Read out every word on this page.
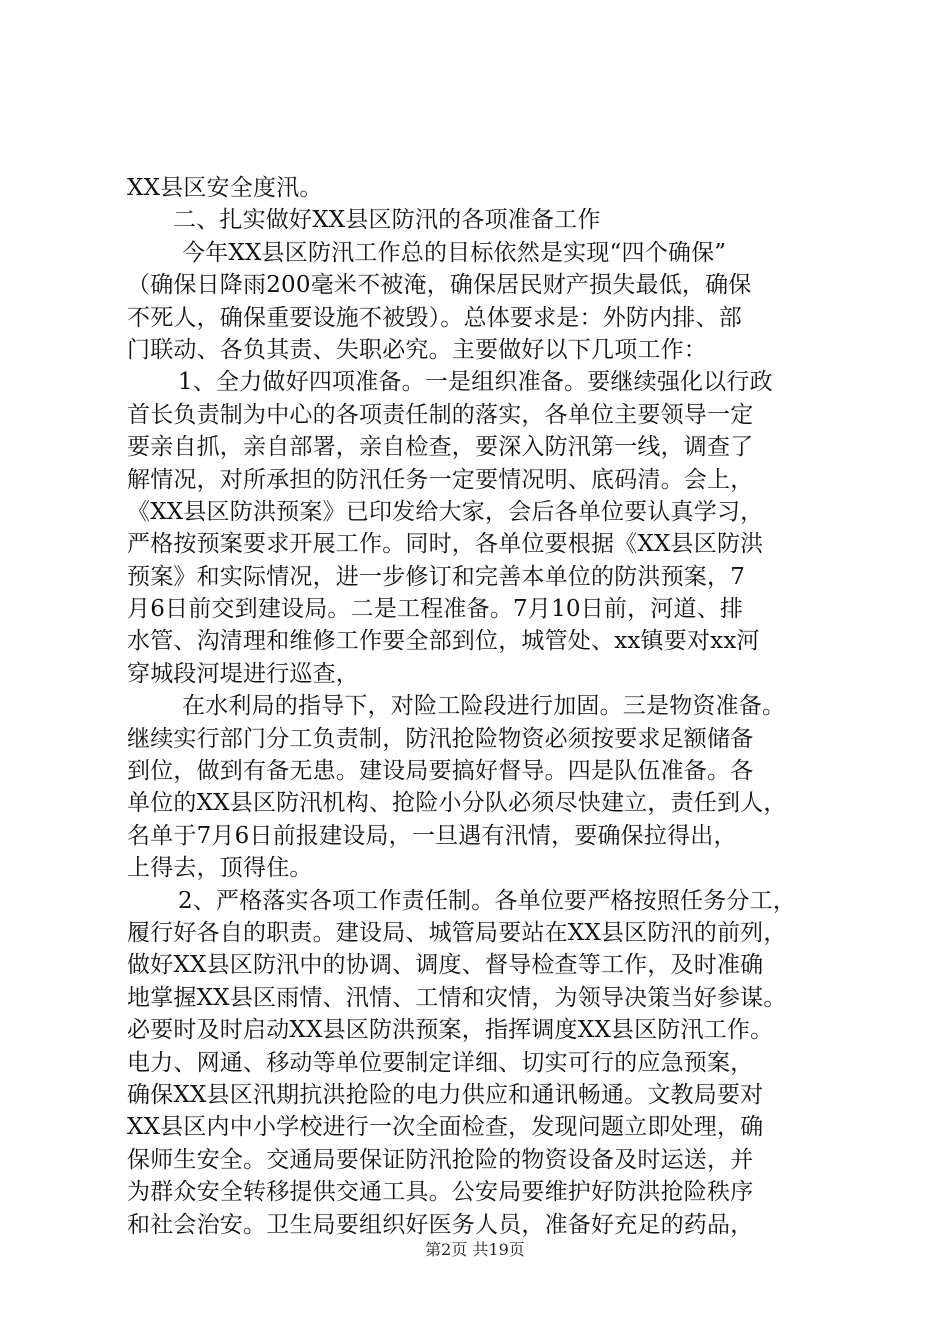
XX县区安全度汛。
二、扎实做好XX县区防汛的各项准备工作
今年XX县区防汛工作总的目标依然是实现“四个确保”
（确保日降雨200毫米不被淹，确保居民财产损失最低，确保
不死人，确保重要设施不被毁）。总体要求是：外防内排、部
门联动、各负其责、失职必究。主要做好以下几项工作：
1、全力做好四项准备。一是组织准备。要继续强化以行政
首长负责制为中心的各项责任制的落实，各单位主要领导一定
要亲自抓，亲自部署，亲自检查，要深入防汛第一线，调查了
解情况，对所承担的防汛任务一定要情况明、底码清。会上，
《XX县区防洪预案》已印发给大家，会后各单位要认真学习，
严格按预案要求开展工作。同时，各单位要根据《XX县区防洪
预案》和实际情况，进一步修订和完善本单位的防洪预案，7
月6日前交到建设局。二是工程准备。7月10日前，河道、排
水管、沟清理和维修工作要全部到位，城管处、xx镇要对xx河
穿城段河堤进行巡查，
在水利局的指导下，对险工险段进行加固。三是物资准备。
继续实行部门分工负责制，防汛抢险物资必须按要求足额储备
到位，做到有备无患。建设局要搞好督导。四是队伍准备。各
单位的XX县区防汛机构、抢险小分队必须尽快建立，责任到人，
名单于7月6日前报建设局，一旦遇有汛情，要确保拉得出，
上得去，顶得住。
2、严格落实各项工作责任制。各单位要严格按照任务分工，
履行好各自的职责。建设局、城管局要站在XX县区防汛的前列，
做好XX县区防汛中的协调、调度、督导检查等工作，及时准确
地掌握XX县区雨情、汛情、工情和灾情，为领导决策当好参谋。
必要时及时启动XX县区防洪预案，指挥调度XX县区防汛工作。
电力、网通、移动等单位要制定详细、切实可行的应急预案，
确保XX县区汛期抗洪抢险的电力供应和通讯畅通。文教局要对
XX县区内中小学校进行一次全面检查，发现问题立即处理，确
保师生安全。交通局要保证防汛抢险的物资设备及时运送，并
为群众安全转移提供交通工具。公安局要维护好防洪抢险秩序
和社会治安。卫生局要组织好医务人员，准备好充足的药品，
第2页 共19页
